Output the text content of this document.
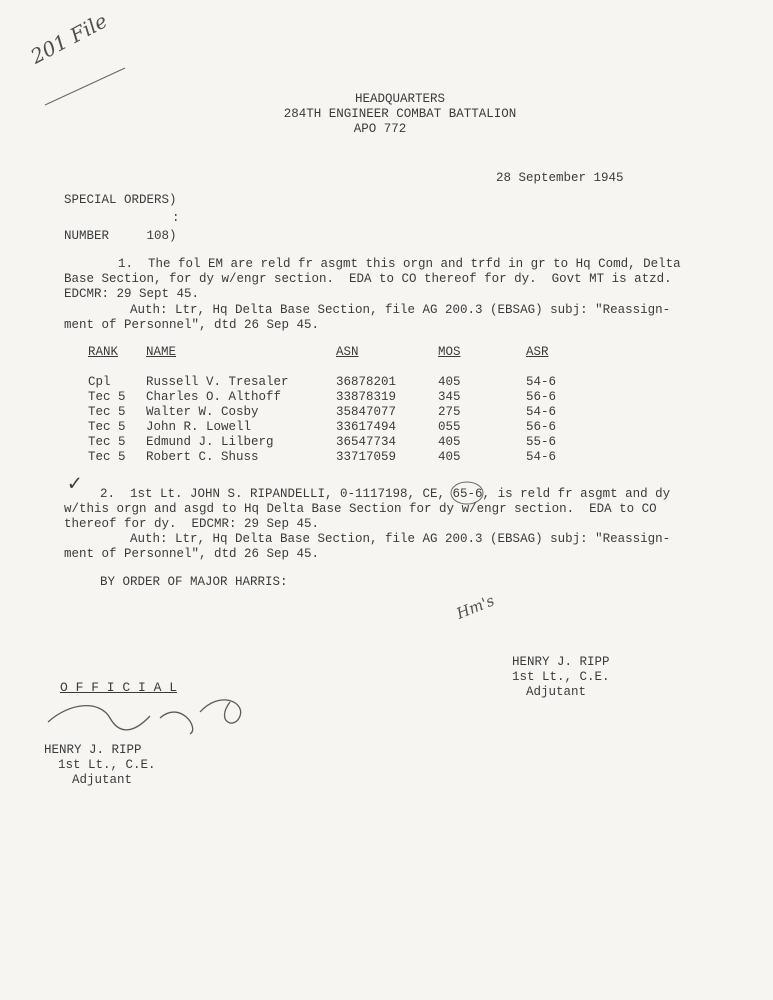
201 File
HEADQUARTERS
284TH ENGINEER COMBAT BATTALION
APO 772
28 September 1945
SPECIAL ORDERS)
:
NUMBER     108)
1.  The fol EM are reld fr asgmt this orgn and trfd in gr to Hq Comd, Delta
Base Section, for dy w/engr section.  EDA to CO thereof for dy.  Govt MT is atzd.
EDCMR: 29 Sept 45.
Auth: Ltr, Hq Delta Base Section, file AG 200.3 (EBSAG) subj: "Reassign-
ment of Personnel", dtd 26 Sep 45.
RANK	NAME	ASN	MOS	ASR
Cpl	Russell V. Tresaler	36878201	405	54-6
Tec 5	Charles O. Althoff	33878319	345	56-6
Tec 5	Walter W. Cosby	35847077	275	54-6
Tec 5	John R. Lowell	33617494	055	56-6
Tec 5	Edmund J. Lilberg	36547734	405	55-6
Tec 5	Robert C. Shuss	33717059	405	54-6
✓ 2.  1st Lt. JOHN S. RIPANDELLI, 0-1117198, CE, 65-6, is reld fr asgmt and dy
w/this orgn and asgd to Hq Delta Base Section for dy w/engr section.  EDA to CO
thereof for dy.  EDCMR: 29 Sep 45.
Auth: Ltr, Hq Delta Base Section, file AG 200.3 (EBSAG) subj: "Reassign-
ment of Personnel", dtd 26 Sep 45.
BY ORDER OF MAJOR HARRIS:
Hm's
HENRY J. RIPP
1st Lt., C.E.
Adjutant
O F F I C I A L
HENRY J. RIPP
1st Lt., C.E.
Adjutant
